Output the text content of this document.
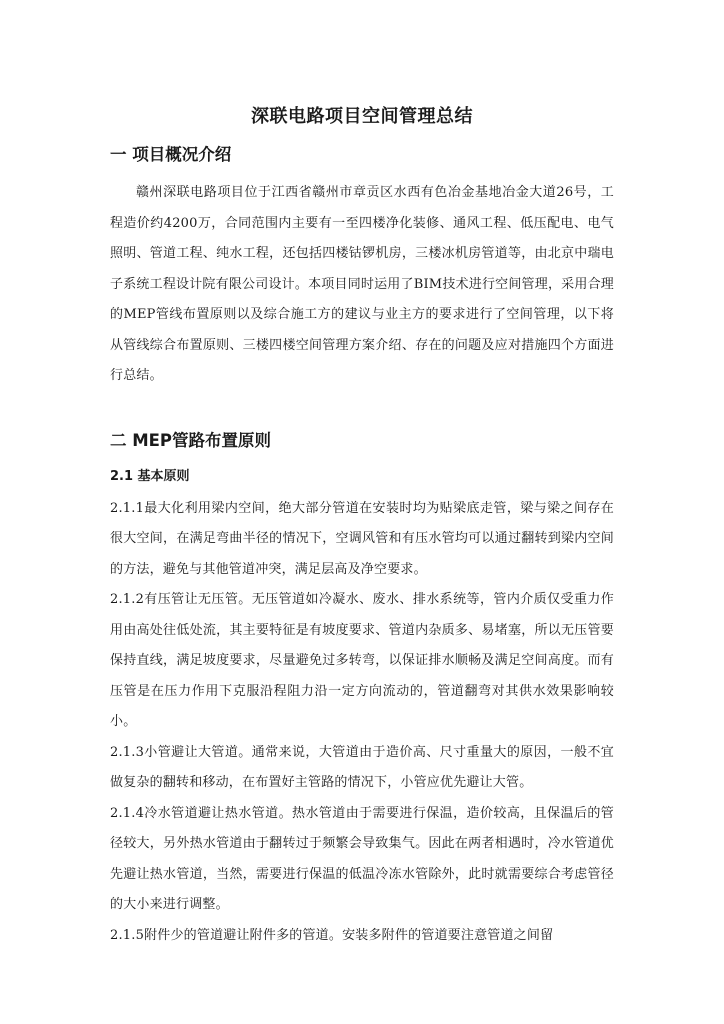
深联电路项目空间管理总结
一 项目概况介绍

赣州深联电路项目位于江西省赣州市章贡区水西有色冶金基地冶金大道26号，工程造价约4200万，合同范围内主要有一至四楼净化装修、通风工程、低压配电、电气照明、管道工程、纯水工程，还包括四楼钴锣机房，三楼冰机房管道等，由北京中瑞电子系统工程设计院有限公司设计。本项目同时运用了BIM技术进行空间管理，采用合理的MEP管线布置原则以及综合施工方的建议与业主方的要求进行了空间管理，以下将从管线综合布置原则、三楼四楼空间管理方案介绍、存在的问题及应对措施四个方面进行总结。

二 MEP管路布置原则
2.1 基本原则

2.1.1最大化利用梁内空间，绝大部分管道在安装时均为贴梁底走管，梁与梁之间存在很大空间，在满足弯曲半径的情况下，空调风管和有压水管均可以通过翻转到梁内空间的方法，避免与其他管道冲突，满足层高及净空要求。

2.1.2有压管让无压管。无压管道如冷凝水、废水、排水系统等，管内介质仅受重力作用由高处往低处流，其主要特征是有坡度要求、管道内杂质多、易堵塞，所以无压管要保持直线，满足坡度要求，尽量避免过多转弯，以保证排水顺畅及满足空间高度。而有压管是在压力作用下克服沿程阻力沿一定方向流动的，管道翻弯对其供水效果影响较小。

2.1.3小管避让大管道。通常来说，大管道由于造价高、尺寸重量大的原因，一般不宜做复杂的翻转和移动，在布置好主管路的情况下，小管应优先避让大管。

2.1.4冷水管道避让热水管道。热水管道由于需要进行保温，造价较高，且保温后的管径较大，另外热水管道由于翻转过于频繁会导致集气。因此在两者相遇时，冷水管道优先避让热水管道，当然，需要进行保温的低温冷冻水管除外，此时就需要综合考虑管径的大小来进行调整。

2.1.5附件少的管道避让附件多的管道。安装多附件的管道要注意管道之间留
